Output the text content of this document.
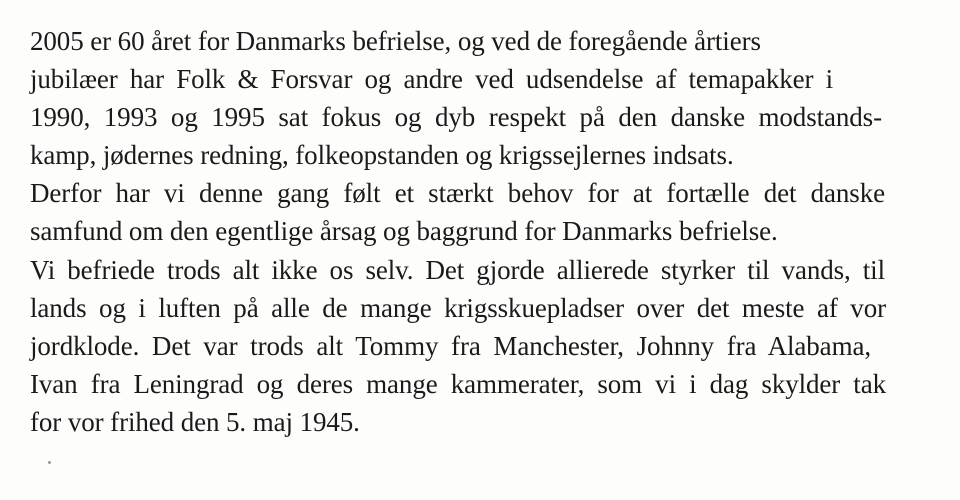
2005 er 60 året for Danmarks befrielse, og ved de foregående årtiers
jubilæer har Folk & Forsvar og andre ved udsendelse af temapakker i
1990, 1993 og 1995 sat fokus og dyb respekt på den danske modstands-
kamp, jødernes redning, folkeopstanden og krigssejlernes indsats.
Derfor har vi denne gang følt et stærkt behov for at fortælle det danske
samfund om den egentlige årsag og baggrund for Danmarks befrielse.
Vi befriede trods alt ikke os selv. Det gjorde allierede styrker til vands, til
lands og i luften på alle de mange krigsskuepladser over det meste af vor
jordklode. Det var trods alt Tommy fra Manchester, Johnny fra Alabama,
Ivan fra Leningrad og deres mange kammerater, som vi i dag skylder tak
for vor frihed den 5. maj 1945.
